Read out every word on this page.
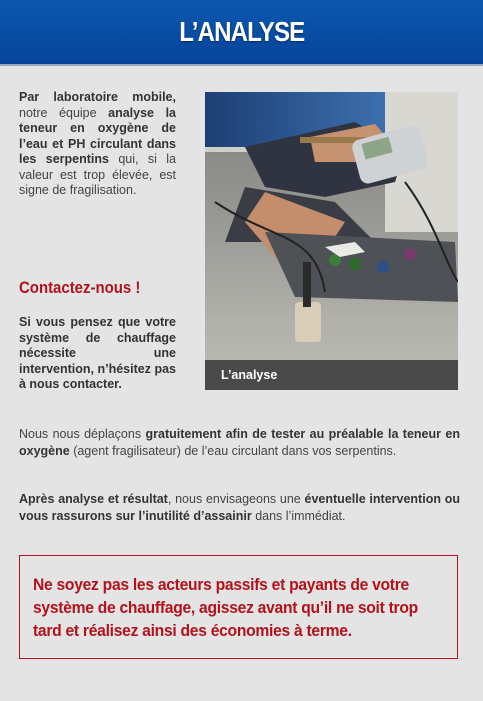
L’ANALYSE
Par laboratoire mobile, notre équipe analyse la teneur en oxygène de l’eau et PH circulant dans les serpentins qui, si la valeur est trop élevée, est signe de fragilisation.
Contactez-nous !
Si vous pensez que votre système de chauffage nécessite une intervention, n’hésitez pas à nous contacter.
L’analyse
Nous nous déplaçons gratuitement afin de tester au préalable la teneur en oxygène (agent fragilisateur) de l’eau circulant dans vos serpentins.
Après analyse et résultat, nous envisageons une éventuelle intervention ou vous rassurons sur l’inutilité d’assainir dans l’immédiat.

Ne soyez pas les acteurs passifs et payants de votre système de chauffage, agissez avant qu’il ne soit trop tard et réalisez ainsi des économies à terme.
